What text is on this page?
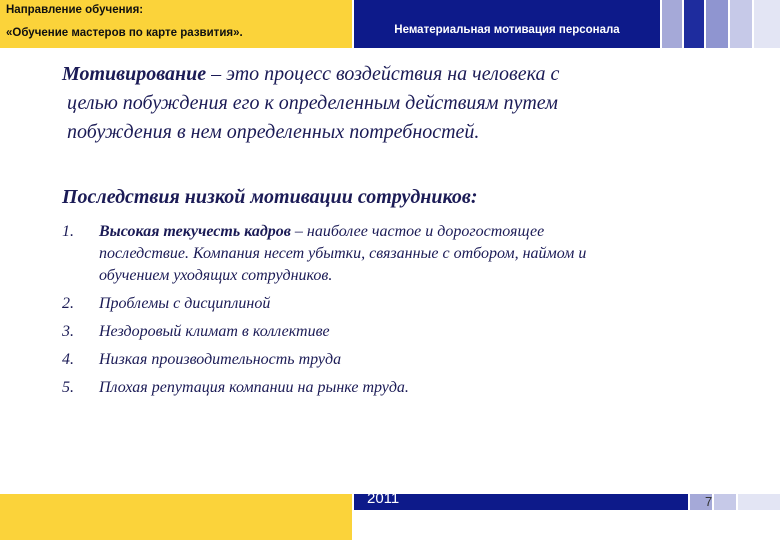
Направление обучения:
«Обучение мастеров по карте развития».	Нематериальная мотивация персонала

Мотивирование – это процесс воздействия на человека с
целью побуждения его к определенным действиям путем
побуждения в нем определенных потребностей.

Последствия низкой мотивации сотрудников:
1. Высокая текучесть кадров – наиболее частое и дорогостоящее
последствие. Компания несет убытки, связанные с отбором, наймом и
обучением уходящих сотрудников.
2. Проблемы с дисциплиной
3. Нездоровый климат в коллективе
4. Низкая производительность труда
5. Плохая репутация компании на рынке труда.
2011	7
